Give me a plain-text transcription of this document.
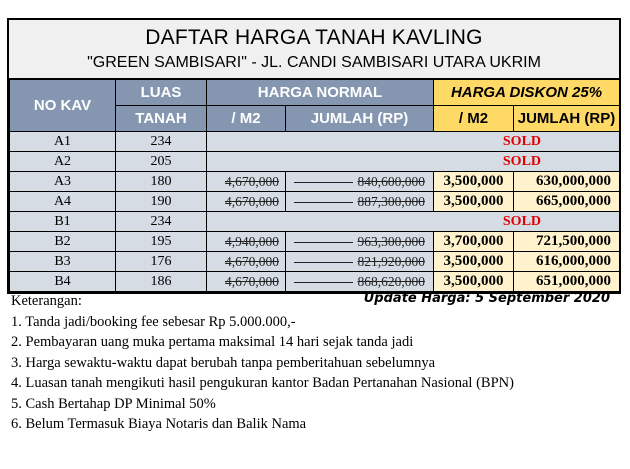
DAFTAR HARGA TANAH KAVLING
"GREEN SAMBISARI" - JL. CANDI SAMBISARI UTARA UKRIM
NO KAV	LUAS	HARGA NORMAL		HARGA DISKON 25%	
	TANAH	/ M2	JUMLAH (RP)	/ M2	JUMLAH (RP)
A1	234	SOLD			
A2	205	SOLD			
A3	180	4,670,000	840,600,000	3,500,000	630,000,000
A4	190	4,670,000	887,300,000	3,500,000	665,000,000
B1	234	SOLD			
B2	195	4,940,000	963,300,000	3,700,000	721,500,000
B3	176	4,670,000	821,920,000	3,500,000	616,000,000
B4	186	4,670,000	868,620,000	3,500,000	651,000,000
Update Harga: 5 September 2020
Keterangan:
1. Tanda jadi/booking fee sebesar Rp 5.000.000,-
2. Pembayaran uang muka pertama maksimal 14 hari sejak tanda jadi
3. Harga sewaktu-waktu dapat berubah tanpa pemberitahuan sebelumnya
4. Luasan tanah mengikuti hasil pengukuran kantor Badan Pertanahan Nasional (BPN)
5. Cash Bertahap DP Minimal 50%
6. Belum Termasuk Biaya Notaris dan Balik Nama
